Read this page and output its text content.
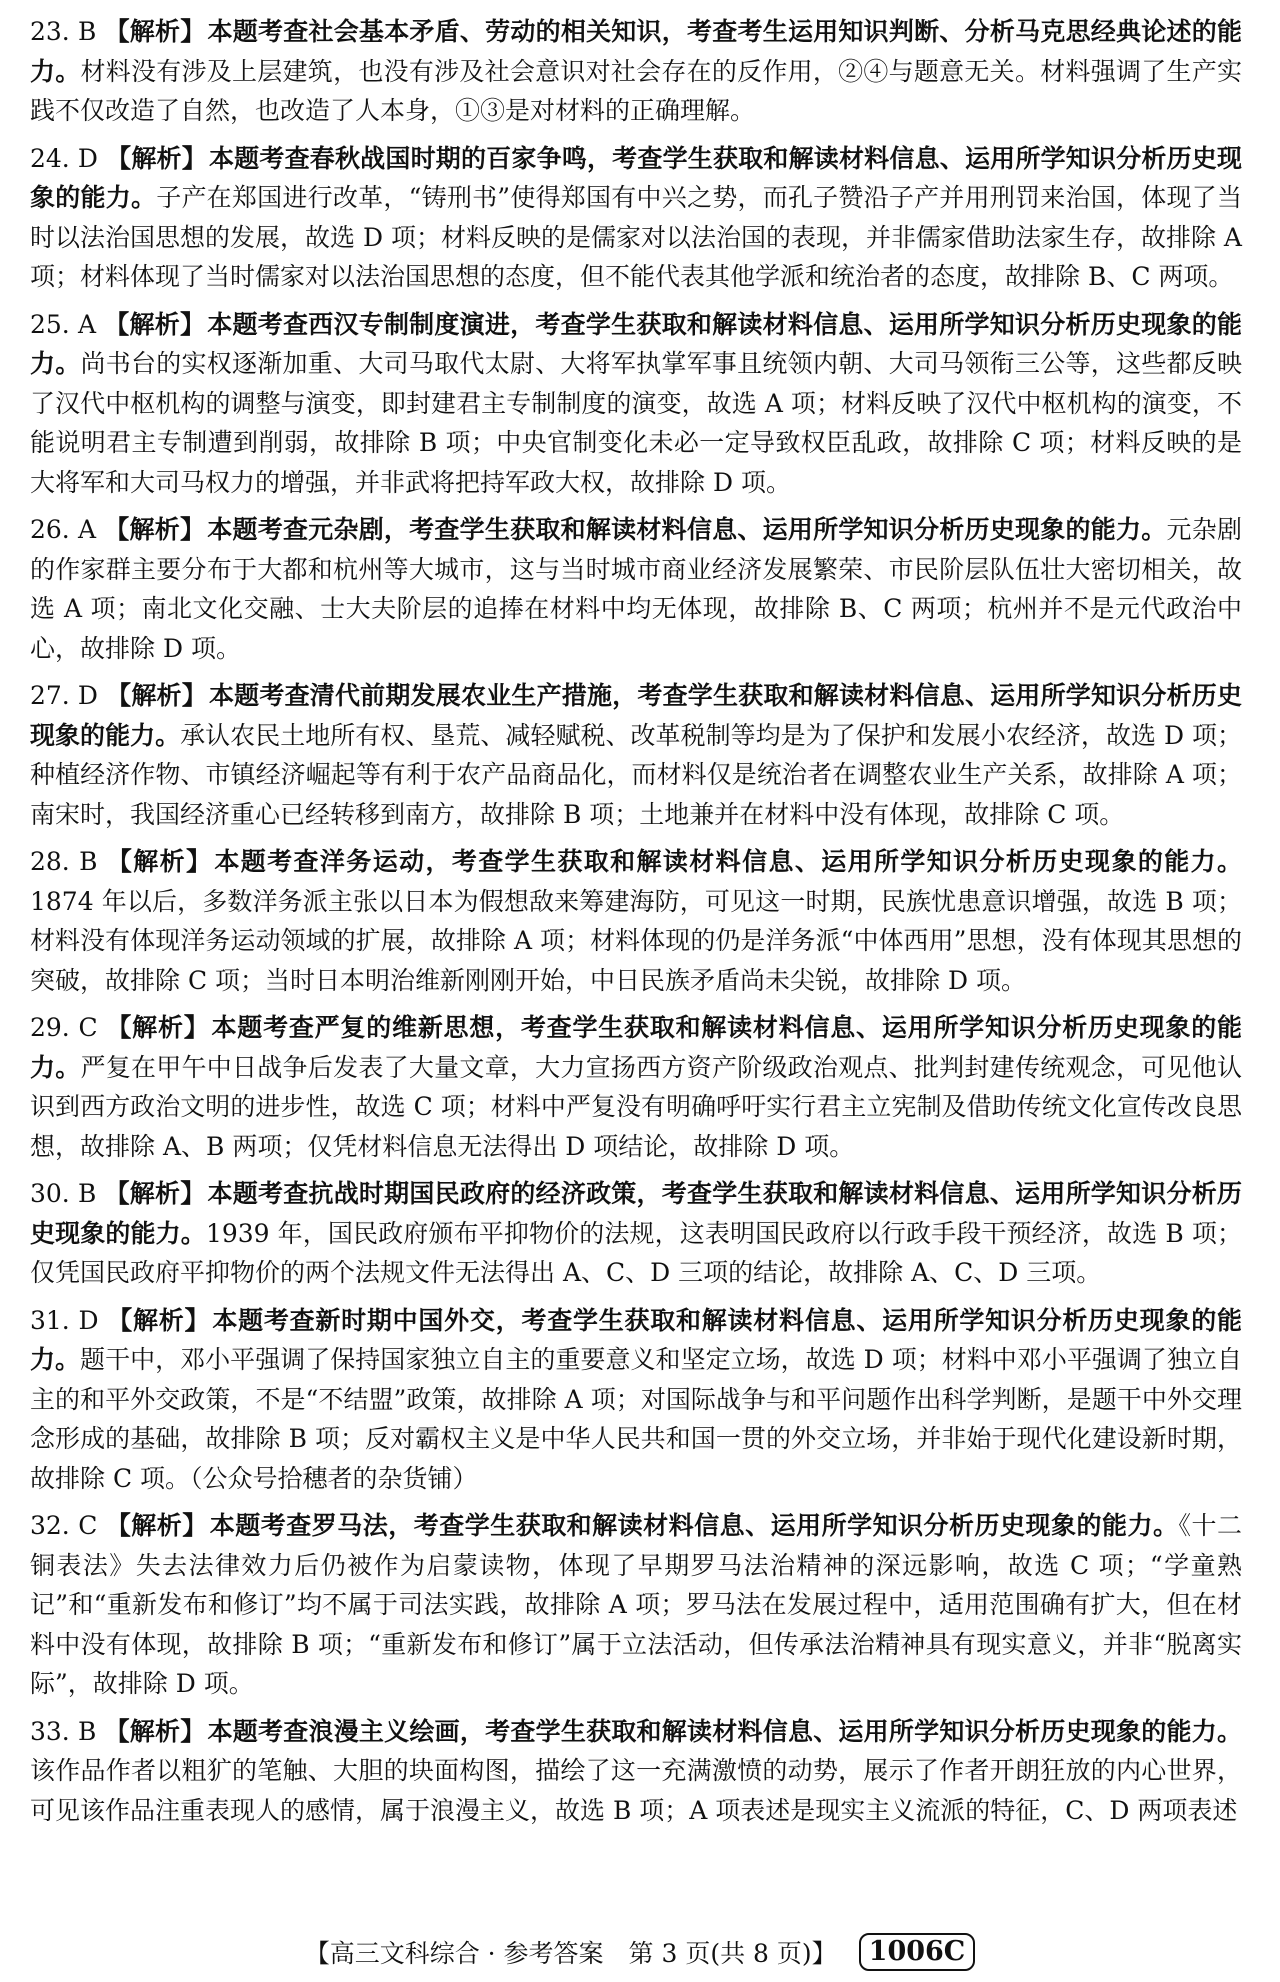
23. B 【解析】本题考查社会基本矛盾、劳动的相关知识，考查考生运用知识判断、分析马克思经典论述的能力。材料没有涉及上层建筑，也没有涉及社会意识对社会存在的反作用，②④与题意无关。材料强调了生产实践不仅改造了自然，也改造了人本身，①③是对材料的正确理解。
24. D 【解析】本题考查春秋战国时期的百家争鸣，考查学生获取和解读材料信息、运用所学知识分析历史现象的能力。子产在郑国进行改革，“铸刑书”使得郑国有中兴之势，而孔子赞沿子产并用刑罚来治国，体现了当时以法治国思想的发展，故选 D 项；材料反映的是儒家对以法治国的表现，并非儒家借助法家生存，故排除 A 项；材料体现了当时儒家对以法治国思想的态度，但不能代表其他学派和统治者的态度，故排除 B、C 两项。
25. A 【解析】本题考查西汉专制制度演进，考查学生获取和解读材料信息、运用所学知识分析历史现象的能力。尚书台的实权逐渐加重、大司马取代太尉、大将军执掌军事且统领内朝、大司马领衔三公等，这些都反映了汉代中枢机构的调整与演变，即封建君主专制制度的演变，故选 A 项；材料反映了汉代中枢机构的演变，不能说明君主专制遭到削弱，故排除 B 项；中央官制变化未必一定导致权臣乱政，故排除 C 项；材料反映的是大将军和大司马权力的增强，并非武将把持军政大权，故排除 D 项。
26. A 【解析】本题考查元杂剧，考查学生获取和解读材料信息、运用所学知识分析历史现象的能力。元杂剧的作家群主要分布于大都和杭州等大城市，这与当时城市商业经济发展繁荣、市民阶层队伍壮大密切相关，故选 A 项；南北文化交融、士大夫阶层的追捧在材料中均无体现，故排除 B、C 两项；杭州并不是元代政治中心，故排除 D 项。
27. D 【解析】本题考查清代前期发展农业生产措施，考查学生获取和解读材料信息、运用所学知识分析历史现象的能力。承认农民土地所有权、垦荒、减轻赋税、改革税制等均是为了保护和发展小农经济，故选 D 项；种植经济作物、市镇经济崛起等有利于农产品商品化，而材料仅是统治者在调整农业生产关系，故排除 A 项；南宋时，我国经济重心已经转移到南方，故排除 B 项；土地兼并在材料中没有体现，故排除 C 项。
28. B 【解析】本题考查洋务运动，考查学生获取和解读材料信息、运用所学知识分析历史现象的能力。1874 年以后，多数洋务派主张以日本为假想敌来筹建海防，可见这一时期，民族忧患意识增强，故选 B 项；材料没有体现洋务运动领域的扩展，故排除 A 项；材料体现的仍是洋务派“中体西用”思想，没有体现其思想的突破，故排除 C 项；当时日本明治维新刚刚开始，中日民族矛盾尚未尖锐，故排除 D 项。
29. C 【解析】本题考查严复的维新思想，考查学生获取和解读材料信息、运用所学知识分析历史现象的能力。严复在甲午中日战争后发表了大量文章，大力宣扬西方资产阶级政治观点、批判封建传统观念，可见他认识到西方政治文明的进步性，故选 C 项；材料中严复没有明确呼吁实行君主立宪制及借助传统文化宣传改良思想，故排除 A、B 两项；仅凭材料信息无法得出 D 项结论，故排除 D 项。
30. B 【解析】本题考查抗战时期国民政府的经济政策，考查学生获取和解读材料信息、运用所学知识分析历史现象的能力。1939 年，国民政府颁布平抑物价的法规，这表明国民政府以行政手段干预经济，故选 B 项；仅凭国民政府平抑物价的两个法规文件无法得出 A、C、D 三项的结论，故排除 A、C、D 三项。
31. D 【解析】本题考查新时期中国外交，考查学生获取和解读材料信息、运用所学知识分析历史现象的能力。题干中，邓小平强调了保持国家独立自主的重要意义和坚定立场，故选 D 项；材料中邓小平强调了独立自主的和平外交政策，不是“不结盟”政策，故排除 A 项；对国际战争与和平问题作出科学判断，是题干中外交理念形成的基础，故排除 B 项；反对霸权主义是中华人民共和国一贯的外交立场，并非始于现代化建设新时期，故排除 C 项。（公众号拾穗者的杂货铺）
32. C 【解析】本题考查罗马法，考查学生获取和解读材料信息、运用所学知识分析历史现象的能力。《十二铜表法》失去法律效力后仍被作为启蒙读物，体现了早期罗马法治精神的深远影响，故选 C 项；“学童熟记”和“重新发布和修订”均不属于司法实践，故排除 A 项；罗马法在发展过程中，适用范围确有扩大，但在材料中没有体现，故排除 B 项；“重新发布和修订”属于立法活动，但传承法治精神具有现实意义，并非“脱离实际”，故排除 D 项。
33. B 【解析】本题考查浪漫主义绘画，考查学生获取和解读材料信息、运用所学知识分析历史现象的能力。该作品作者以粗犷的笔触、大胆的块面构图，描绘了这一充满激愤的动势，展示了作者开朗狂放的内心世界，可见该作品注重表现人的感情，属于浪漫主义，故选 B 项；A 项表述是现实主义流派的特征，C、D 两项表述
【高三文科综合 · 参考答案　第 3 页(共 8 页)】	1006C
